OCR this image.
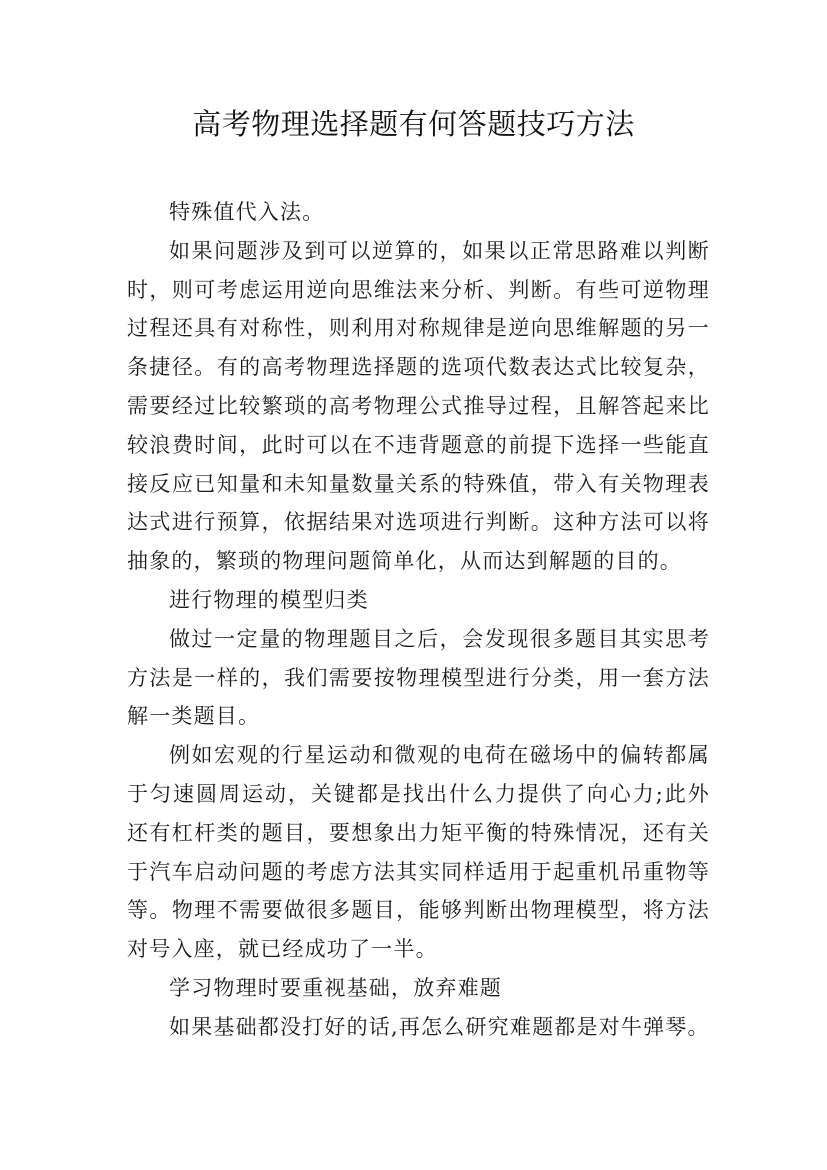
高考物理选择题有何答题技巧方法

特殊值代入法。

如果问题涉及到可以逆算的，如果以正常思路难以判断时，则可考虑运用逆向思维法来分析、判断。有些可逆物理过程还具有对称性，则利用对称规律是逆向思维解题的另一条捷径。有的高考物理选择题的选项代数表达式比较复杂，需要经过比较繁琐的高考物理公式推导过程，且解答起来比较浪费时间，此时可以在不违背题意的前提下选择一些能直接反应已知量和未知量数量关系的特殊值，带入有关物理表达式进行预算，依据结果对选项进行判断。这种方法可以将抽象的，繁琐的物理问题简单化，从而达到解题的目的。

进行物理的模型归类

做过一定量的物理题目之后，会发现很多题目其实思考方法是一样的，我们需要按物理模型进行分类，用一套方法解一类题目。

例如宏观的行星运动和微观的电荷在磁场中的偏转都属于匀速圆周运动，关键都是找出什么力提供了向心力;此外还有杠杆类的题目，要想象出力矩平衡的特殊情况，还有关于汽车启动问题的考虑方法其实同样适用于起重机吊重物等等。物理不需要做很多题目，能够判断出物理模型，将方法对号入座，就已经成功了一半。

学习物理时要重视基础，放弃难题

如果基础都没打好的话,再怎么研究难题都是对牛弹琴。
